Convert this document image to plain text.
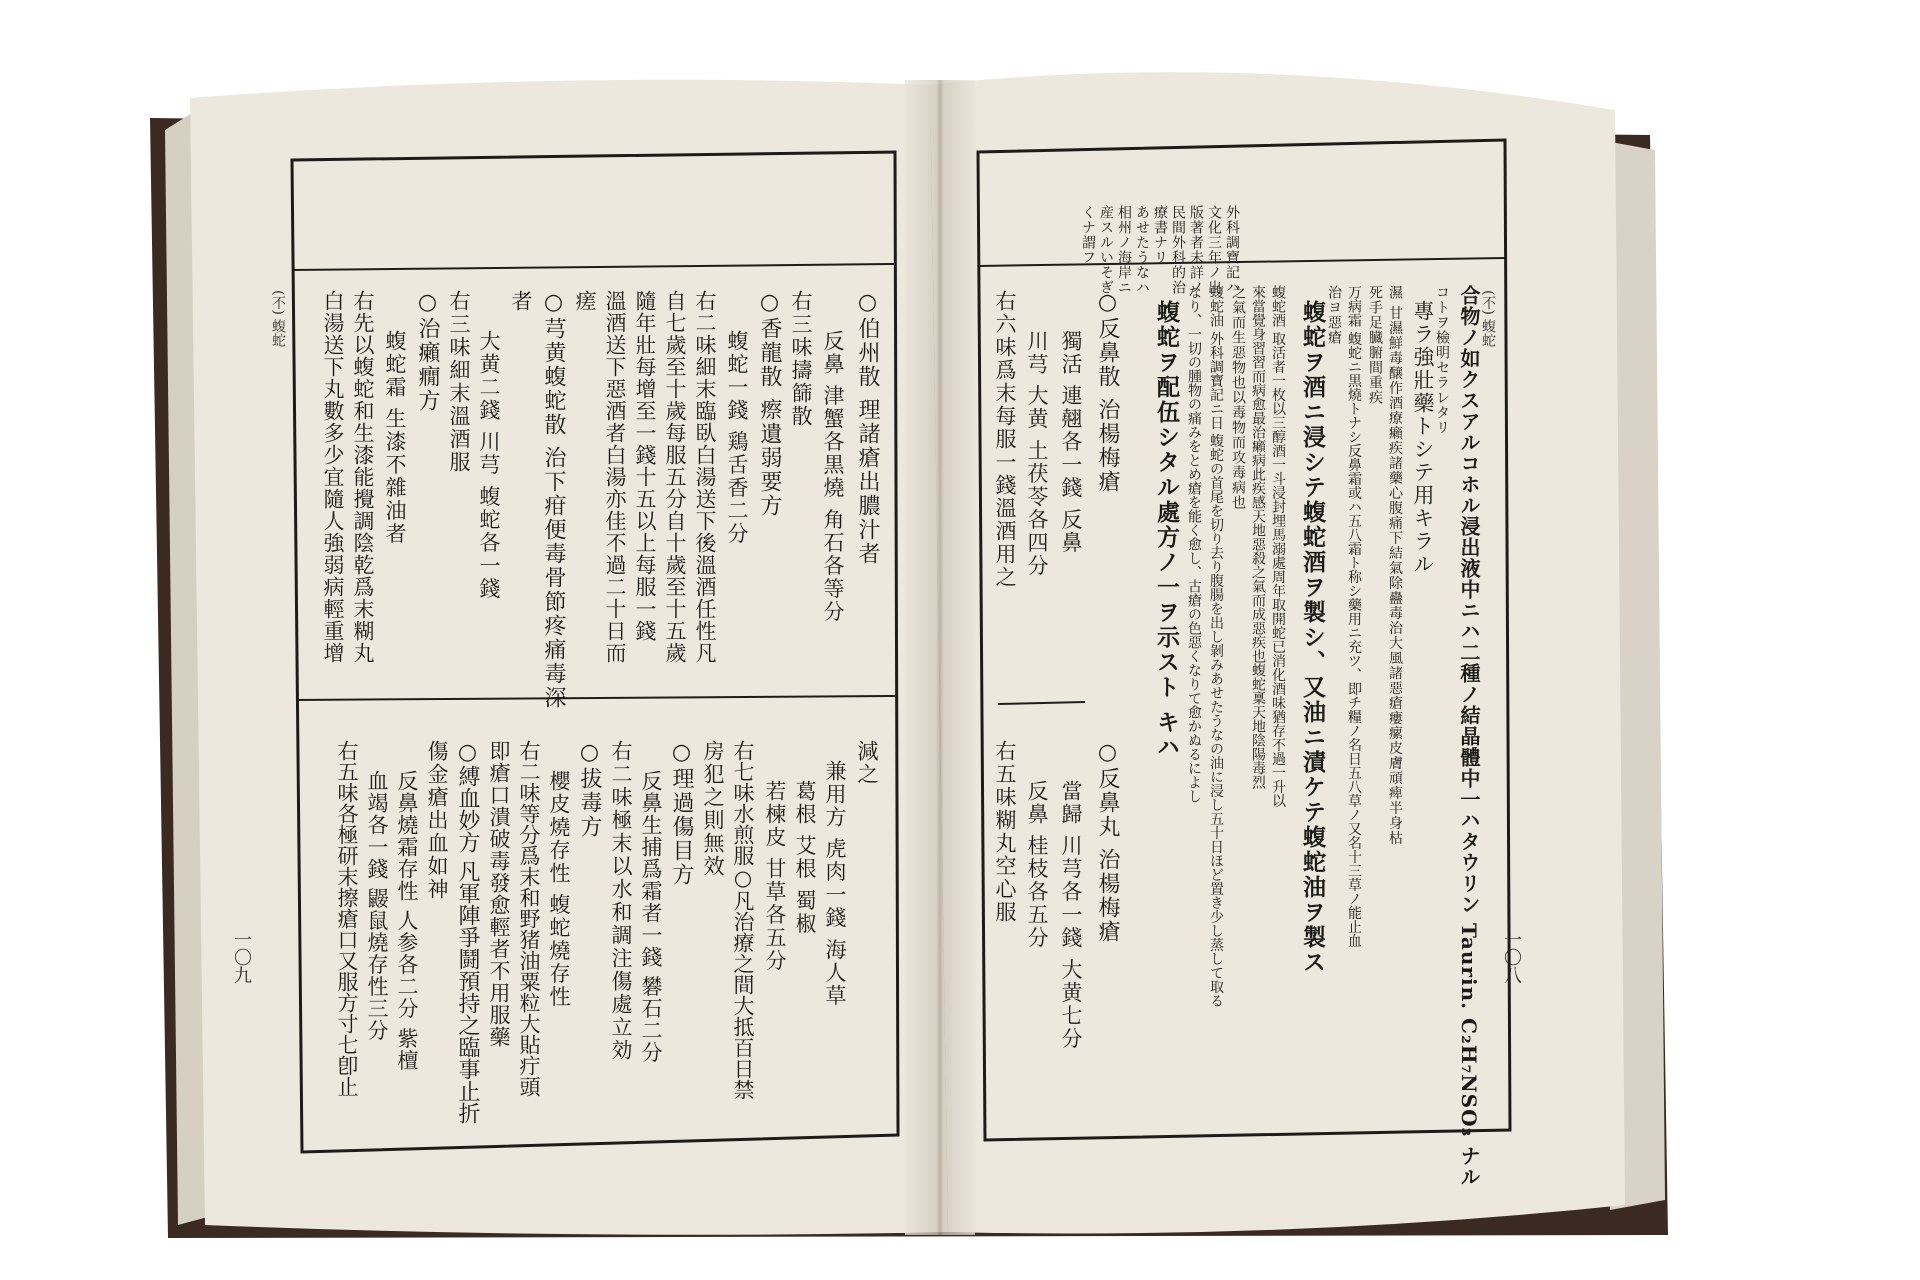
(不) 蝮蛇
一〇八
外科調寶記ハ
文化三年ノ出
版著者未詳ノ
民間外科的治
療書ナリ
あせたうなハ
相州ノ海岸ニ
産スルいそぎ
くナ謂フ
合物ノ如クスアルコホル浸出液中ニハ二種ノ結晶體中一ハタウリン Taurin. C₂H₇NSO₃ ナル
コトヲ檢明セラレタリ
專ラ強壯藥トシテ用キラル
濕 甘濕鮮毒醸作酒療癩疾諸藥心腹痛下結氣除蠱毒治大風諸惡瘡瘻瘰皮膚頑痺半身枯
死手足臓腑間重疾
万病霜 蝮蛇ニ黒燒トナシ反鼻霜或ハ五八霜ト称シ藥用ニ充ツ、即チ糧ノ名日五八草ノ又名十三草ノ能止血
治ヨ惡瘡
蝮蛇ヲ酒ニ浸シテ蝮蛇酒ヲ製シ、又油ニ漬ケテ蝮蛇油ヲ製ス
蝮蛇酒 取活者一枚以三醇酒一斗浸封埋馬溺處周年取開蛇已消化酒味猶存不過一升以
來當覺身習習而病愈最治癩病此疾感天地惡殺之氣而成惡疾也蝮蛇稟天地陰陽毒烈
之氣而生惡物也以毒物而攻毒病也
蝮蛇油 外科調寶記ニ日 蝮蛇の首尾を切り去り腹腸を出し剝みあせたうなの油に浸し五十日ほど置き少し蒸して取る
なり、一切の腫物の痛みをとめ瘡を能く愈し、古瘡の色惡くなりて愈かぬるによし
蝮蛇ヲ配伍シタル處方ノ一ヲ示スト キハ
○反鼻散 治楊梅瘡
獨活 連翹各一錢 反鼻
川芎 大黄 土茯苓各四分
右六味爲末每服一錢溫酒用之
○反鼻丸 治楊梅瘡
當歸 川芎各一錢 大黄七分
反鼻 桂枝各五分
右五味糊丸空心服
(不) 蝮蛇
一〇九
○伯州散 理諸瘡出膿汁者
反鼻 津蟹各黒燒 角石各等分
右三味擣篩散
○香龍散 瘵遺弱要方
蝮蛇一錢 鶏舌香二分
右二味細末臨臥白湯送下後溫酒任性凡
自七歲至十歲每服五分自十歲至十五歲
隨年壯每增至一錢十五以上每服一錢
溫酒送下惡酒者白湯亦佳不過二十日而
瘥
○芎黄蝮蛇散 治下疳便毒骨節疼痛毒深
者
大黄二錢 川芎 蝮蛇各一錢
右三味細末溫酒服
○治癩癇方
蝮蛇霜 生漆不雜油者
右先以蝮蛇和生漆能攪調陰乾爲末糊丸
白湯送下丸數多少宜隨人強弱病輕重增
減之
兼用方 虎肉一錢 海人草
葛根 艾根 蜀椒
若楝皮 甘草各五分
右七味水煎服○凡治療之間大抵百日禁
房犯之則無效
○理過傷目方
反鼻生捕爲霜者一錢 礬石二分
右二味極末以水和調注傷處立効
○拔毒方
櫻皮燒存性 蝮蛇燒存性
右二味等分爲末和野猪油粟粒大貼疔頭
即瘡口潰破毒發愈輕者不用服藥
○縛血妙方 凡軍陣爭鬪預持之臨事止折
傷金瘡出血如神
反鼻燒霜存性 人参各二分 紫檀
血竭各一錢 鼹鼠燒存性三分
右五味各極研末擦瘡口又服方寸七卽止
